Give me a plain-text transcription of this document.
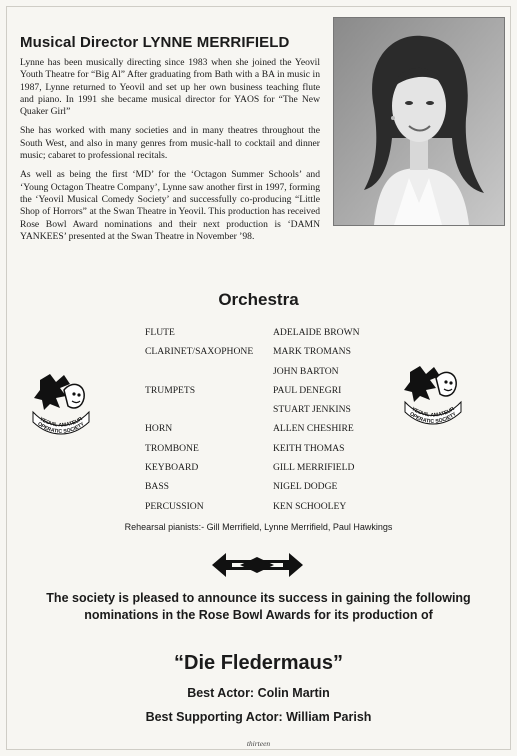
Musical Director LYNNE MERRIFIELD

Lynne has been musically directing since 1983 when she joined the Yeovil Youth Theatre for “Big Al” After graduating from Bath with a BA in music in 1987, Lynne returned to Yeovil and set up her own business teaching flute and piano. In 1991 she became musical director for YAOS for “The New Quaker Girl”

She has worked with many societies and in many theatres throughout the South West, and also in many genres from music-hall to cocktail and dinner music; cabaret to professional recitals.

As well as being the first ‘MD’ for the ‘Octagon Summer Schools’ and ‘Young Octagon Theatre Company’, Lynne saw another first in 1997, forming the ‘Yeovil Musical Comedy Society’ and successfully co-producing “Little Shop of Horrors” at the Swan Theatre in Yeovil. This production has received Rose Bowl Award nominations and their next production is ‘DAMN YANKEES’ presented at the Swan Theatre in November ’98.

Orchestra
FLUTE	ADELAIDE BROWN
CLARINET/SAXOPHONE MARK TROMANS
JOHN BARTON
TRUMPETS	PAUL DENEGRI
STUART JENKINS
HORN	ALLEN CHESHIRE
TROMBONE	KEITH THOMAS
KEYBOARD	GILL MERRIFIELD
BASS	NIGEL DODGE
PERCUSSION	KEN SCHOOLEY
YEOVIL AMATEUR
OPERATIC SOCIETY
YEOVIL AMATEUR
OPERATIC SOCIETY
Rehearsal pianists:- Gill Merrifield, Lynne Merrifield, Paul Hawkings
The society is pleased to announce its success in gaining the following nominations in the Rose Bowl Awards for its production of
“Die Fledermaus”
Best Actor: Colin Martin
Best Supporting Actor: William Parish
thirteen
